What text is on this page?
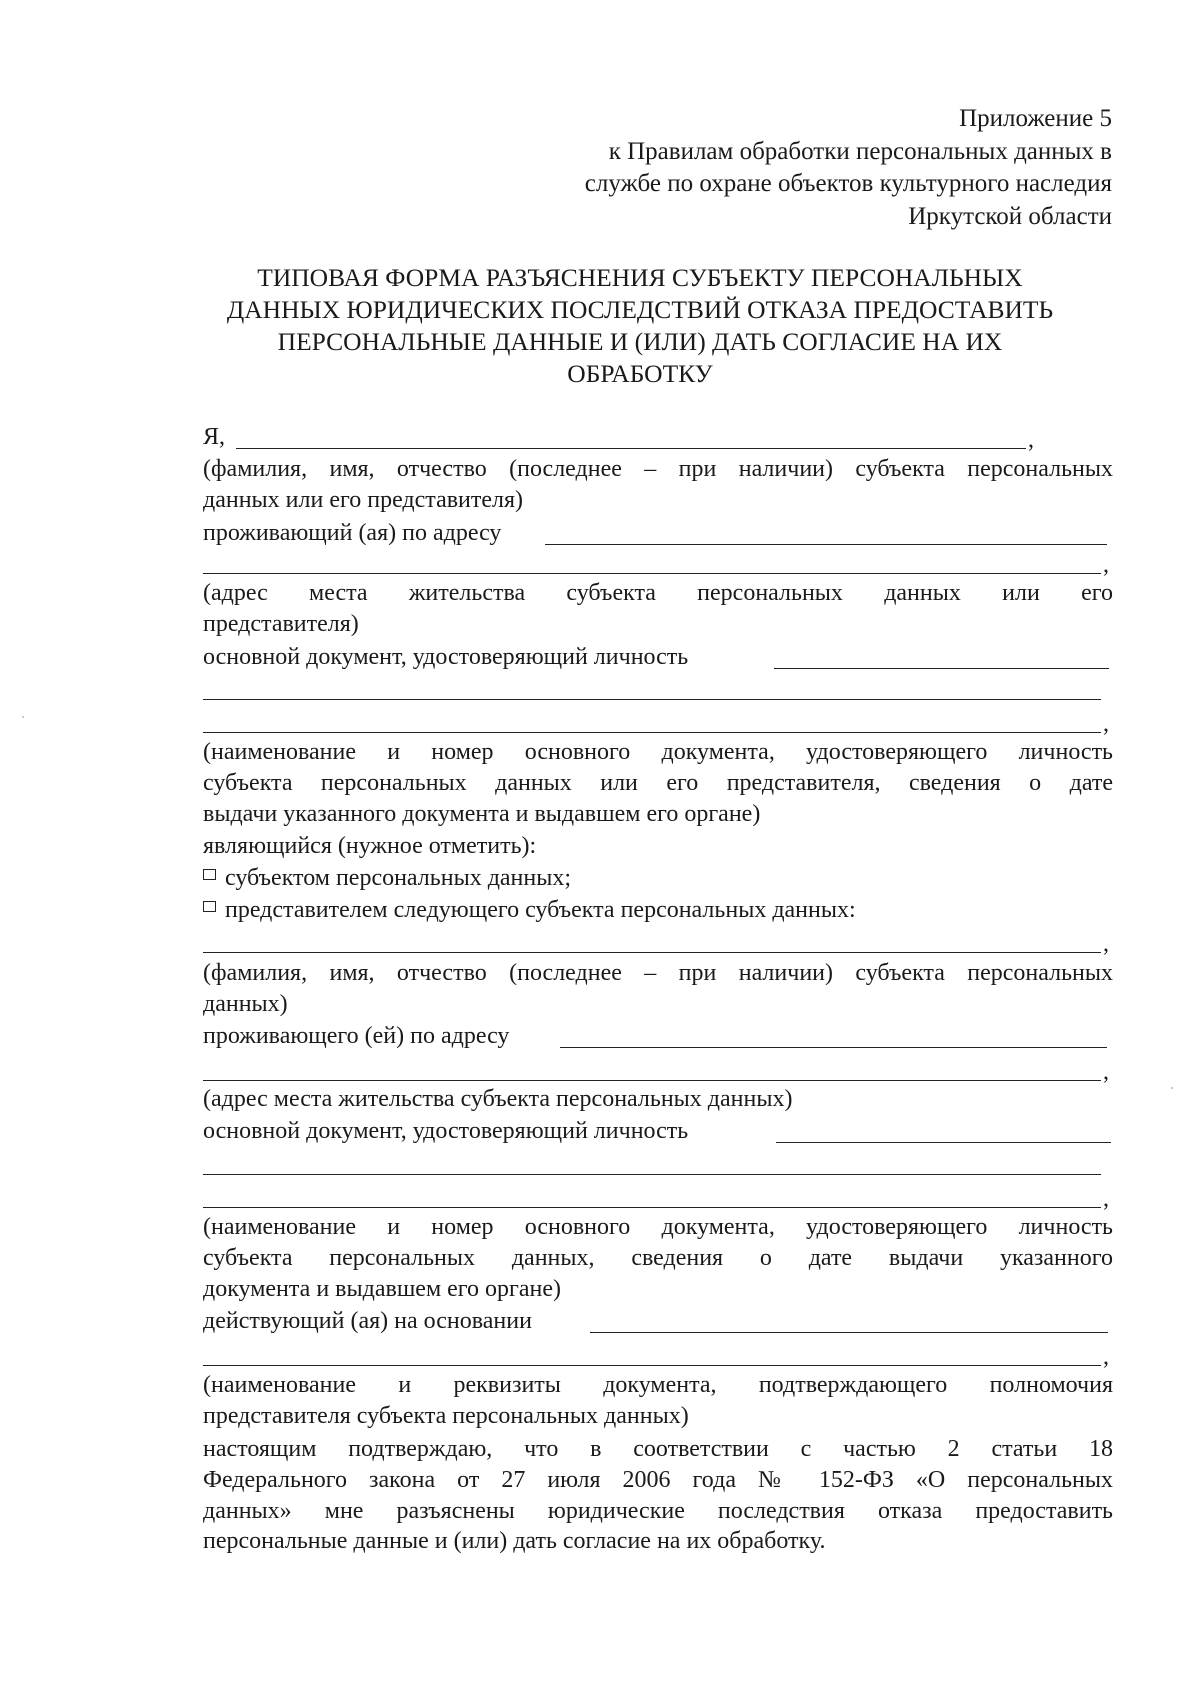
Приложение 5
к Правилам обработки персональных данных в
службе по охране объектов культурного наследия
Иркутской области
ТИПОВАЯ ФОРМА РАЗЪЯСНЕНИЯ СУБЪЕКТУ ПЕРСОНАЛЬНЫХ
ДАННЫХ ЮРИДИЧЕСКИХ ПОСЛЕДСТВИЙ ОТКАЗА ПРЕДОСТАВИТЬ
ПЕРСОНАЛЬНЫЕ ДАННЫЕ И (ИЛИ) ДАТЬ СОГЛАСИЕ НА ИХ
ОБРАБОТКУ
Я,	,
(фамилия, имя, отчество (последнее – при наличии) субъекта персональных
данных или его представителя)
проживающий (ая) по адресу
,
(адрес места жительства субъекта персональных данных или его
представителя)
основной документ, удостоверяющий личность
,
(наименование и номер основного документа, удостоверяющего личность
субъекта персональных данных или его представителя, сведения о дате
выдачи указанного документа и выдавшем его органе)
являющийся (нужное отметить):
субъектом персональных данных;
представителем следующего субъекта персональных данных:
,
(фамилия, имя, отчество (последнее – при наличии) субъекта персональных
данных)
проживающего (ей) по адресу
,
(адрес места жительства субъекта персональных данных)
основной документ, удостоверяющий личность
,
(наименование и номер основного документа, удостоверяющего личность
субъекта персональных данных, сведения о дате выдачи указанного
документа и выдавшем его органе)
действующий (ая) на основании
,
(наименование и реквизиты документа, подтверждающего полномочия
представителя субъекта персональных данных)
настоящим подтверждаю, что в соответствии с частью 2 статьи 18
Федерального закона от 27 июля 2006 года № 152-ФЗ «О персональных
данных» мне разъяснены юридические последствия отказа предоставить
персональные данные и (или) дать согласие на их обработку.
